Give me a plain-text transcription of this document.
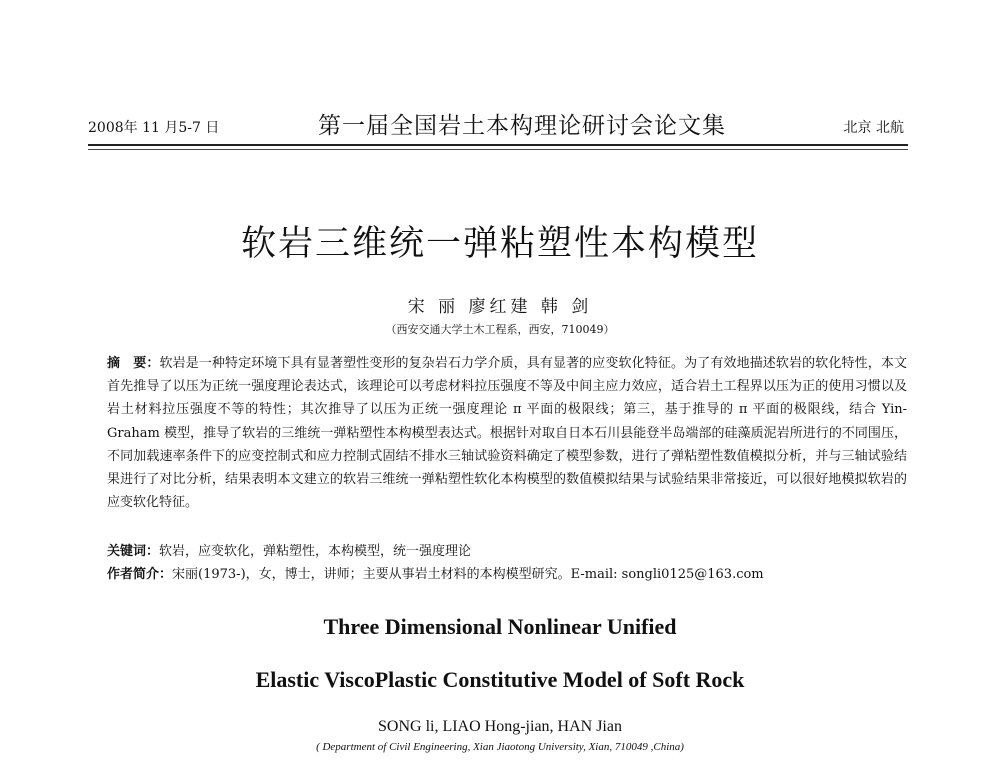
2008年 11 月5-7 日	第一届全国岩土本构理论研讨会论文集	北京 北航
软岩三维统一弹粘塑性本构模型
宋 丽 廖红建 韩 剑
（西安交通大学土木工程系，西安，710049）
摘　要：软岩是一种特定环境下具有显著塑性变形的复杂岩石力学介质，具有显著的应变软化特征。为了有效地描述软岩的软化特性，本文首先推导了以压为正统一强度理论表达式，该理论可以考虑材料拉压强度不等及中间主应力效应，适合岩土工程界以压为正的使用习惯以及岩土材料拉压强度不等的特性；其次推导了以压为正统一强度理论 π 平面的极限线；第三，基于推导的 π 平面的极限线，结合 Yin-Graham 模型，推导了软岩的三维统一弹粘塑性本构模型表达式。根据针对取自日本石川县能登半岛端部的硅藻质泥岩所进行的不同围压，不同加载速率条件下的应变控制式和应力控制式固结不排水三轴试验资料确定了模型参数，进行了弹粘塑性数值模拟分析，并与三轴试验结果进行了对比分析，结果表明本文建立的软岩三维统一弹粘塑性软化本构模型的数值模拟结果与试验结果非常接近，可以很好地模拟软岩的应变软化特征。
关键词：软岩，应变软化，弹粘塑性，本构模型，统一强度理论
作者简介：宋丽(1973-)，女，博士，讲师；主要从事岩土材料的本构模型研究。E-mail: songli0125@163.com
Three Dimensional Nonlinear Unified
Elastic ViscoPlastic Constitutive Model of Soft Rock
SONG li, LIAO Hong-jian, HAN Jian
( Department of Civil Engineering, Xian Jiaotong University, Xian, 710049 ,China)
